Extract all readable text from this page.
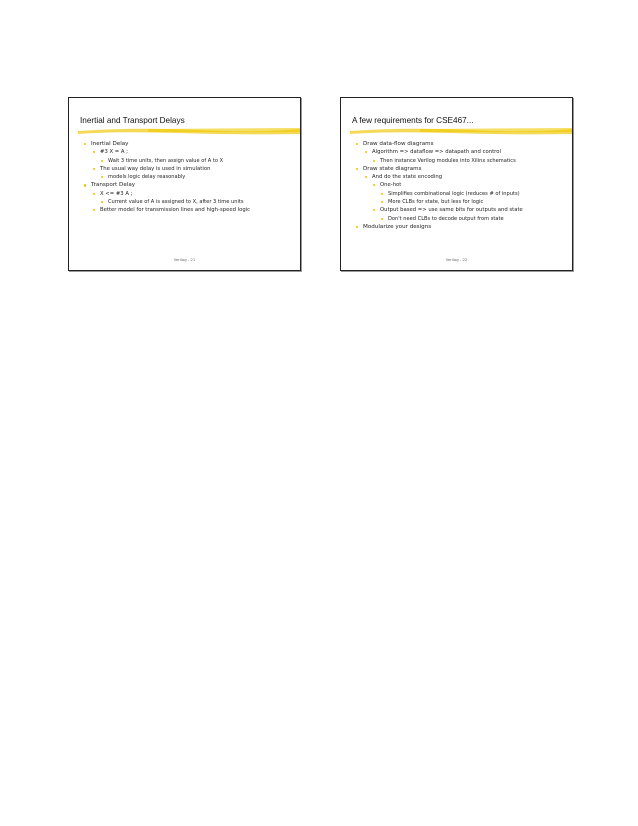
Inertial and Transport Delays
Inertial Delay
#3 X = A ;
Wait 3 time units, then assign value of A to X
The usual way delay is used in simulation
models logic delay reasonably
Transport Delay
X <= #3 A ;
Current value of A is assigned to X, after 3 time units
Better model for transmission lines and high-speed logic
Verilog - 21
A few requirements for CSE467...
Draw data-flow diagrams
Algorithm => dataflow => datapath and control
Then instance Verilog modules into Xilinx schematics
Draw state diagrams
And do the state encoding
One-hot
Simplifies combinational logic (reduces # of inputs)
More CLBs for state, but less for logic
Output based => use same bits for outputs and state
Don't need CLBs to decode output from state
Modularize your designs
Verilog - 22
